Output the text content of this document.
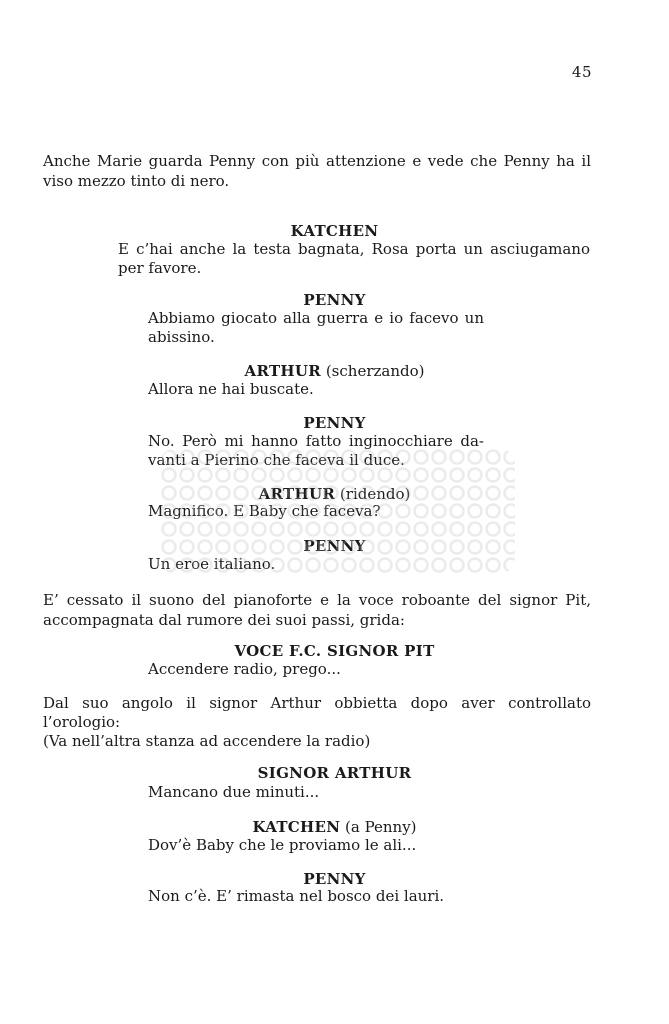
45
Anche Marie guarda Penny con più attenzione e vede che Penny ha il
viso mezzo tinto di nero.
KATCHEN
E c’hai anche la testa bagnata, Rosa porta un asciugamano
per favore.
PENNY
Abbiamo giocato alla guerra e io facevo un
abissino.
ARTHUR (scherzando)
Allora ne hai buscate.
PENNY
No. Però mi hanno fatto inginocchiare da-
vanti a Pierino che faceva il duce.
ARTHUR (ridendo)
Magnifico. E Baby che faceva?
PENNY
Un eroe italiano.
E’ cessato il suono del pianoforte e la voce roboante del signor Pit,
accompagnata dal rumore dei suoi passi, grida:
VOCE F.C. SIGNOR PIT
Accendere radio, prego...
Dal suo angolo il signor Arthur obbietta dopo aver controllato
l’orologio:
(Va nell’altra stanza ad accendere la radio)
SIGNOR ARTHUR
Mancano due minuti...
KATCHEN (a Penny)
Dov’è Baby che le proviamo le ali...
PENNY
Non c’è. E’ rimasta nel bosco dei lauri.
